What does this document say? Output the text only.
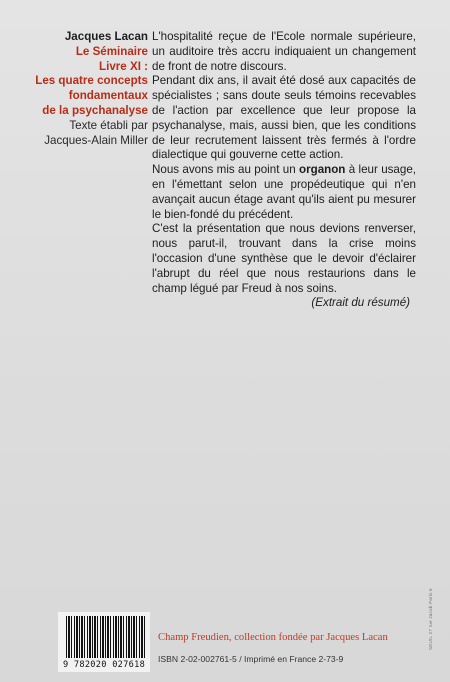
Jacques Lacan
Le Séminaire
Livre XI :
Les quatre concepts
fondamentaux
de la psychanalyse
Texte établi par
Jacques-Alain Miller

L'hospitalité reçue de l'Ecole normale supérieure, un auditoire très accru indiquaient un changement de front de notre discours.

Pendant dix ans, il avait été dosé aux capacités de spécialistes ; sans doute seuls témoins recevables de l'action par excellence que leur propose la psychanalyse, mais, aussi bien, que les conditions de leur recrutement laissent très fermés à l'ordre dialectique qui gouverne cette action.

Nous avons mis au point un organon à leur usage, en l'émettant selon une propédeutique qui n'en avançait aucun étage avant qu'ils aient pu mesurer le bien-fondé du précédent.

C'est la présentation que nous devions renverser, nous parut-il, trouvant dans la crise moins l'occasion d'une synthèse que le devoir d'éclairer l'abrupt du réel que nous restaurions dans le champ légué par Freud à nos soins.

(Extrait du résumé)

SEUIL 27 rue Jacob Paris 6
9 782020 027618
Champ Freudien, collection fondée par Jacques Lacan
ISBN 2-02-002761-5 / Imprimé en France 2-73-9
